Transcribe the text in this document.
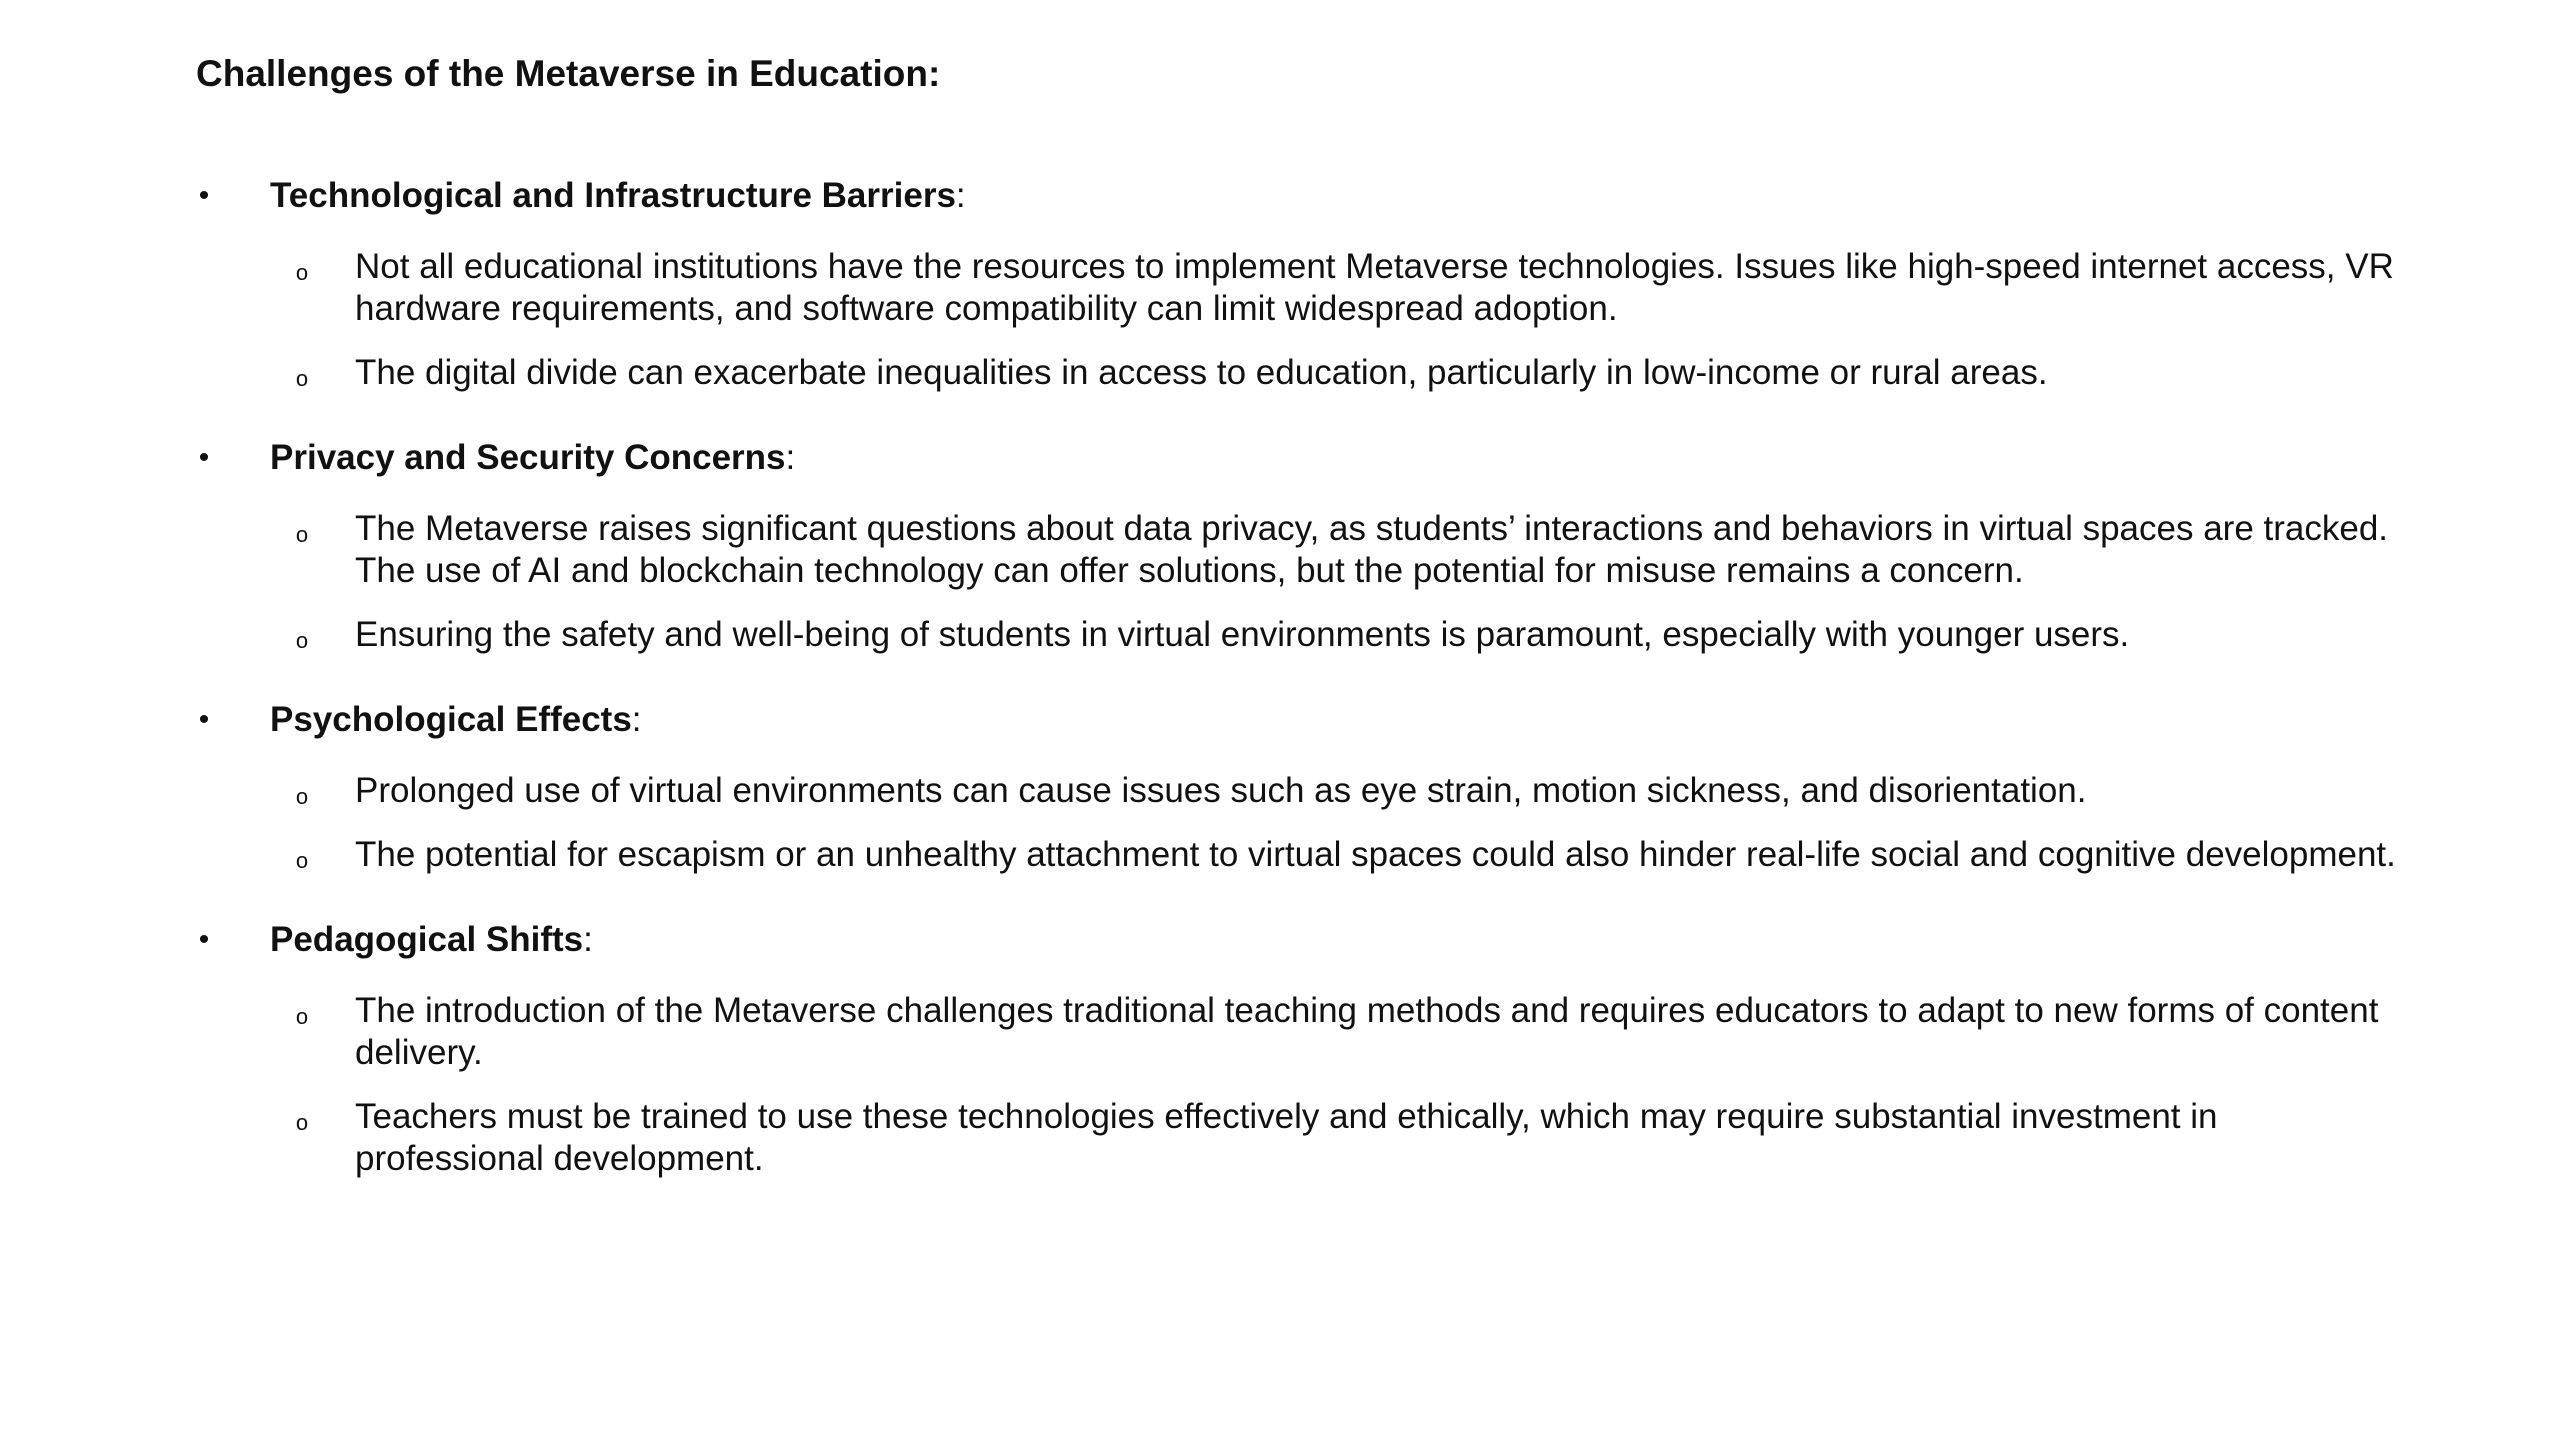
Challenges of the Metaverse in Education:
• Technological and Infrastructure Barriers:
o Not all educational institutions have the resources to implement Metaverse technologies. Issues like high-speed internet access, VR hardware requirements, and software compatibility can limit widespread adoption.
o The digital divide can exacerbate inequalities in access to education, particularly in low-income or rural areas.
• Privacy and Security Concerns:
o The Metaverse raises significant questions about data privacy, as students’ interactions and behaviors in virtual spaces are tracked. The use of AI and blockchain technology can offer solutions, but the potential for misuse remains a concern.
o Ensuring the safety and well-being of students in virtual environments is paramount, especially with younger users.
• Psychological Effects:
o Prolonged use of virtual environments can cause issues such as eye strain, motion sickness, and disorientation.
o The potential for escapism or an unhealthy attachment to virtual spaces could also hinder real-life social and cognitive development.
• Pedagogical Shifts:
o The introduction of the Metaverse challenges traditional teaching methods and requires educators to adapt to new forms of content delivery.
o Teachers must be trained to use these technologies effectively and ethically, which may require substantial investment in professional development.
